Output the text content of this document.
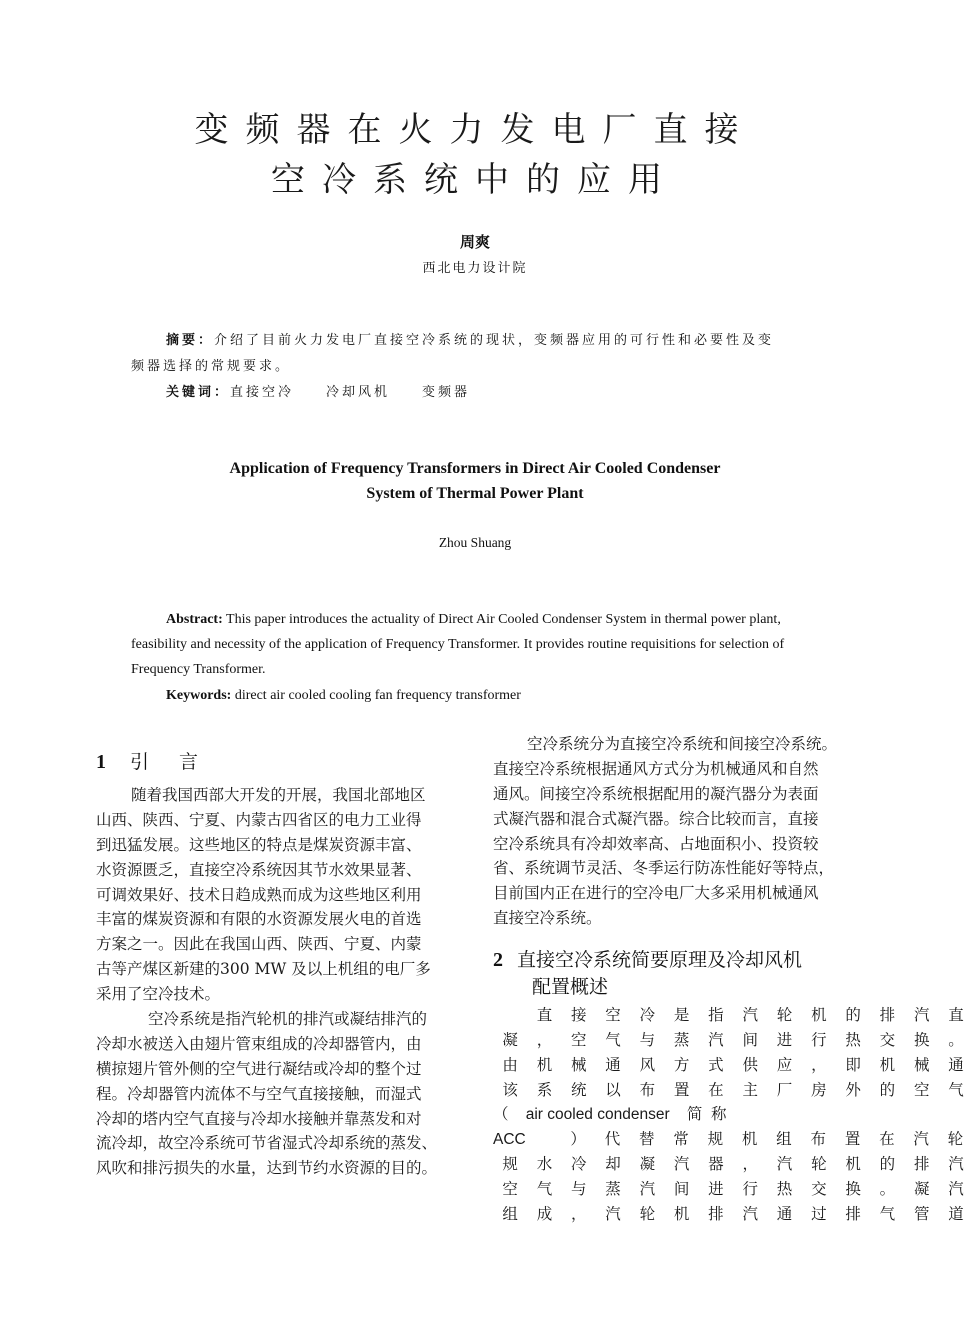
变频器在火力发电厂直接
空冷系统中的应用
周爽
西北电力设计院
摘要：介绍了目前火力发电厂直接空冷系统的现状，变频器应用的可行性和必要性及变
频器选择的常规要求。
关键词：直接空冷 冷却风机 变频器
Application of Frequency Transformers in Direct Air Cooled Condenser
System of Thermal Power Plant
Zhou Shuang
Abstract: This paper introduces the actuality of Direct Air Cooled Condenser System in thermal power plant,
feasibility and necessity of the application of Frequency Transformer. It provides routine requisitions for selection of
Frequency Transformer.
Keywords: direct air cooled cooling fan frequency transformer
1 引 言
随着我国西部大开发的开展，我国北部地区
山西、陕西、宁夏、内蒙古四省区的电力工业得
到迅猛发展。这些地区的特点是煤炭资源丰富、
水资源匮乏，直接空冷系统因其节水效果显著、
可调效果好、技术日趋成熟而成为这些地区利用
丰富的煤炭资源和有限的水资源发展火电的首选
方案之一。因此在我国山西、陕西、宁夏、内蒙
古等产煤区新建的300 MW 及以上机组的电厂多
采用了空冷技术。
空冷系统是指汽轮机的排汽或凝结排汽的
冷却水被送入由翅片管束组成的冷却器管内，由
横掠翅片管外侧的空气进行凝结或冷却的整个过
程。冷却器管内流体不与空气直接接触，而湿式
冷却的塔内空气直接与冷却水接触并靠蒸发和对
流冷却，故空冷系统可节省湿式冷却系统的蒸发、
风吹和排污损失的水量，达到节约水资源的目的。
空冷系统分为直接空冷系统和间接空冷系统。
直接空冷系统根据通风方式分为机械通风和自然
通风。间接空冷系统根据配用的凝汽器分为表面
式凝汽器和混合式凝汽器。综合比较而言，直接
空冷系统具有冷却效率高、占地面积小、投资较
省、系统调节灵活、冬季运行防冻性能好等特点，
目前国内正在进行的空冷电厂大多采用机械通风
直接空冷系统。
2 直接空冷系统简要原理及冷却风机
配置概述
　直 接 空 冷 是 指 汽 轮 机 的 排 汽 直
凝 ， 空 气 与 蒸 汽 间 进 行 热 交 换 。
由 机 械 通 风 方 式 供 应 ， 即 机 械 通
该 系 统 以 布 置 在 主 厂 房 外 的 空 气
（    air cooled condenser    简  称
ACC	） 代 替 常 规 机 组 布 置 在 汽 轮
规 水 冷 却 凝 汽 器 ， 汽 轮 机 的 排 汽
空 气 与 蒸 汽 间 进 行 热 交 换 。 凝 汽
组 成 ， 汽 轮 机 排 汽 通 过 排 气 管 道
